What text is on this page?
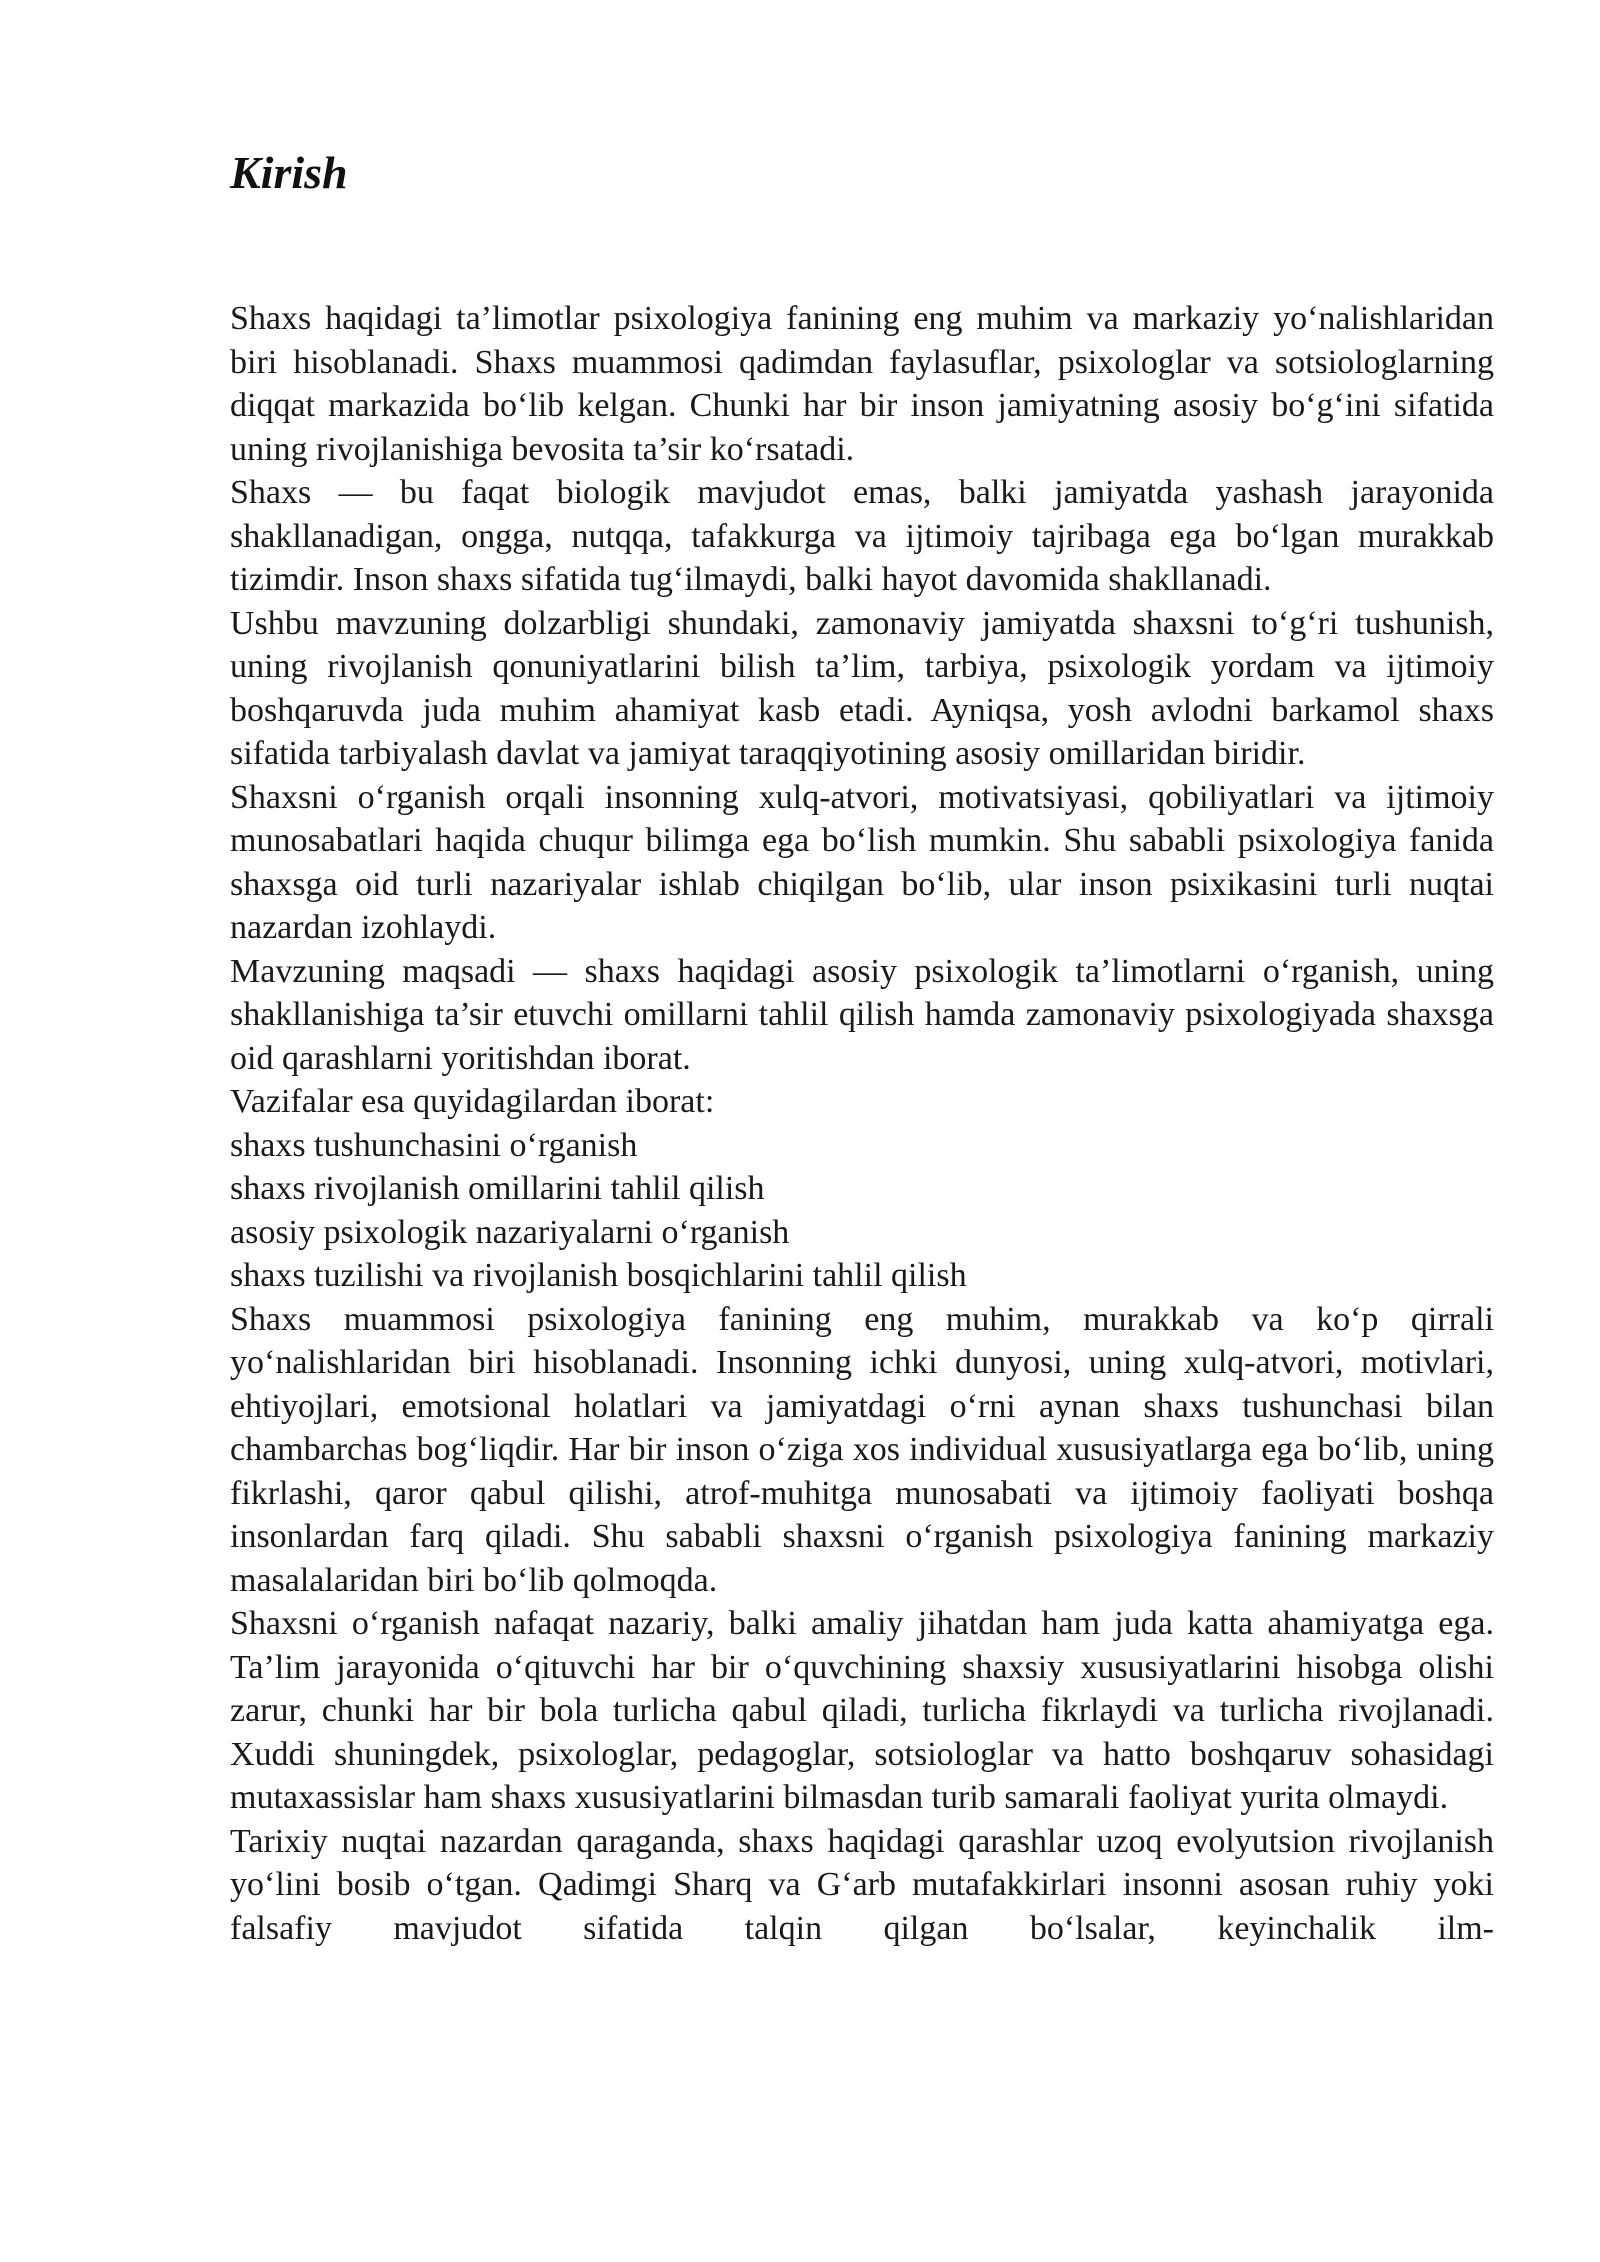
Kirish

Shaxs haqidagi ta’limotlar psixologiya fanining eng muhim va markaziy yo‘nalishlaridan biri hisoblanadi. Shaxs muammosi qadimdan faylasuflar, psixologlar va sotsiologlarning diqqat markazida bo‘lib kelgan. Chunki har bir inson jamiyatning asosiy bo‘g‘ini sifatida uning rivojlanishiga bevosita ta’sir ko‘rsatadi.

Shaxs — bu faqat biologik mavjudot emas, balki jamiyatda yashash jarayonida shakllanadigan, ongga, nutqqa, tafakkurga va ijtimoiy tajribaga ega bo‘lgan murakkab tizimdir. Inson shaxs sifatida tug‘ilmaydi, balki hayot davomida shakllanadi.

Ushbu mavzuning dolzarbligi shundaki, zamonaviy jamiyatda shaxsni to‘g‘ri tushunish, uning rivojlanish qonuniyatlarini bilish ta’lim, tarbiya, psixologik yordam va ijtimoiy boshqaruvda juda muhim ahamiyat kasb etadi. Ayniqsa, yosh avlodni barkamol shaxs sifatida tarbiyalash davlat va jamiyat taraqqiyotining asosiy omillaridan biridir.

Shaxsni o‘rganish orqali insonning xulq-atvori, motivatsiyasi, qobiliyatlari va ijtimoiy munosabatlari haqida chuqur bilimga ega bo‘lish mumkin. Shu sababli psixologiya fanida shaxsga oid turli nazariyalar ishlab chiqilgan bo‘lib, ular inson psixikasini turli nuqtai nazardan izohlaydi.

Mavzuning maqsadi — shaxs haqidagi asosiy psixologik ta’limotlarni o‘rganish, uning shakllanishiga ta’sir etuvchi omillarni tahlil qilish hamda zamonaviy psixologiyada shaxsga oid qarashlarni yoritishdan iborat.

Vazifalar esa quyidagilardan iborat:

shaxs tushunchasini o‘rganish

shaxs rivojlanish omillarini tahlil qilish

asosiy psixologik nazariyalarni o‘rganish

shaxs tuzilishi va rivojlanish bosqichlarini tahlil qilish

Shaxs muammosi psixologiya fanining eng muhim, murakkab va ko‘p qirrali yo‘nalishlaridan biri hisoblanadi. Insonning ichki dunyosi, uning xulq-atvori, motivlari, ehtiyojlari, emotsional holatlari va jamiyatdagi o‘rni aynan shaxs tushunchasi bilan chambarchas bog‘liqdir. Har bir inson o‘ziga xos individual xususiyatlarga ega bo‘lib, uning fikrlashi, qaror qabul qilishi, atrof-muhitga munosabati va ijtimoiy faoliyati boshqa insonlardan farq qiladi. Shu sababli shaxsni o‘rganish psixologiya fanining markaziy masalalaridan biri bo‘lib qolmoqda.

Shaxsni o‘rganish nafaqat nazariy, balki amaliy jihatdan ham juda katta ahamiyatga ega. Ta’lim jarayonida o‘qituvchi har bir o‘quvchining shaxsiy xususiyatlarini hisobga olishi zarur, chunki har bir bola turlicha qabul qiladi, turlicha fikrlaydi va turlicha rivojlanadi. Xuddi shuningdek, psixologlar, pedagoglar, sotsiologlar va hatto boshqaruv sohasidagi mutaxassislar ham shaxs xususiyatlarini bilmasdan turib samarali faoliyat yurita olmaydi.

Tarixiy nuqtai nazardan qaraganda, shaxs haqidagi qarashlar uzoq evolyutsion rivojlanish yo‘lini bosib o‘tgan. Qadimgi Sharq va G‘arb mutafakkirlari insonni asosan ruhiy yoki falsafiy mavjudot sifatida talqin qilgan bo‘lsalar, keyinchalik ilm-
